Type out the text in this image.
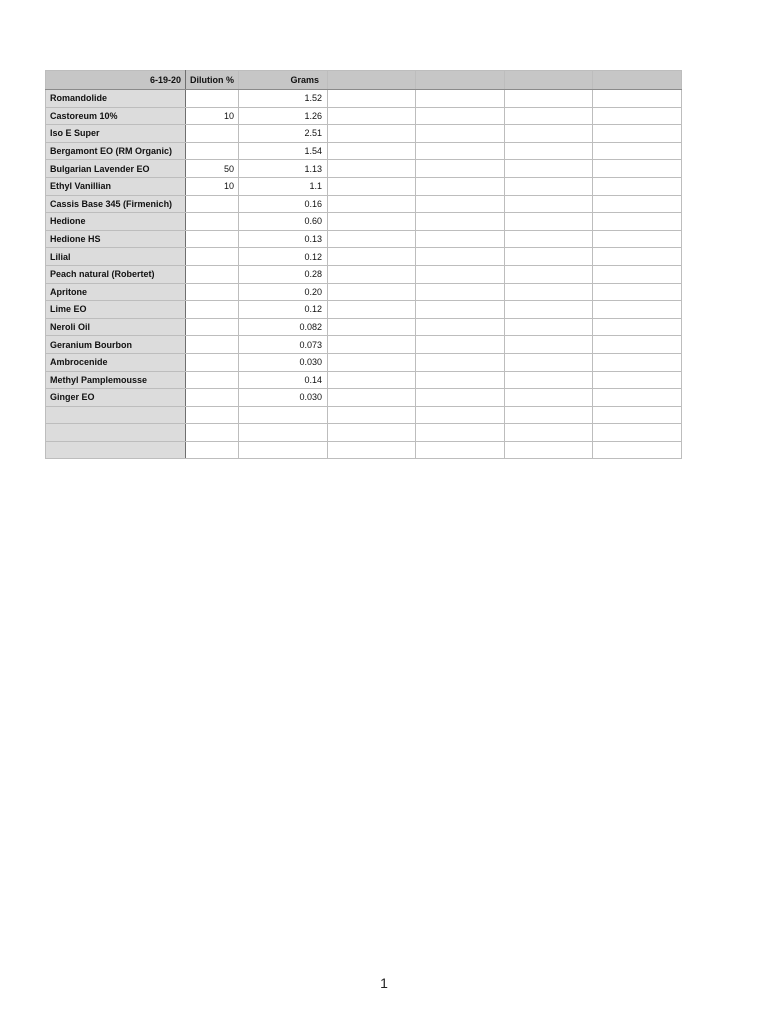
6-19-20	Dilution %	Grams				
Romandolide		1.52				
Castoreum 10%	10	1.26				
Iso E Super		2.51				
Bergamont EO (RM Organic)		1.54				
Bulgarian Lavender EO	50	1.13				
Ethyl Vanillian	10	1.1				
Cassis Base 345 (Firmenich)		0.16				
Hedione		0.60				
Hedione HS		0.13				
Lilial		0.12				
Peach natural (Robertet)		0.28				
Apritone		0.20				
Lime EO		0.12				
Neroli Oil		0.082				
Geranium Bourbon		0.073				
Ambrocenide		0.030				
Methyl Pamplemousse		0.14				
Ginger EO		0.030				

1
